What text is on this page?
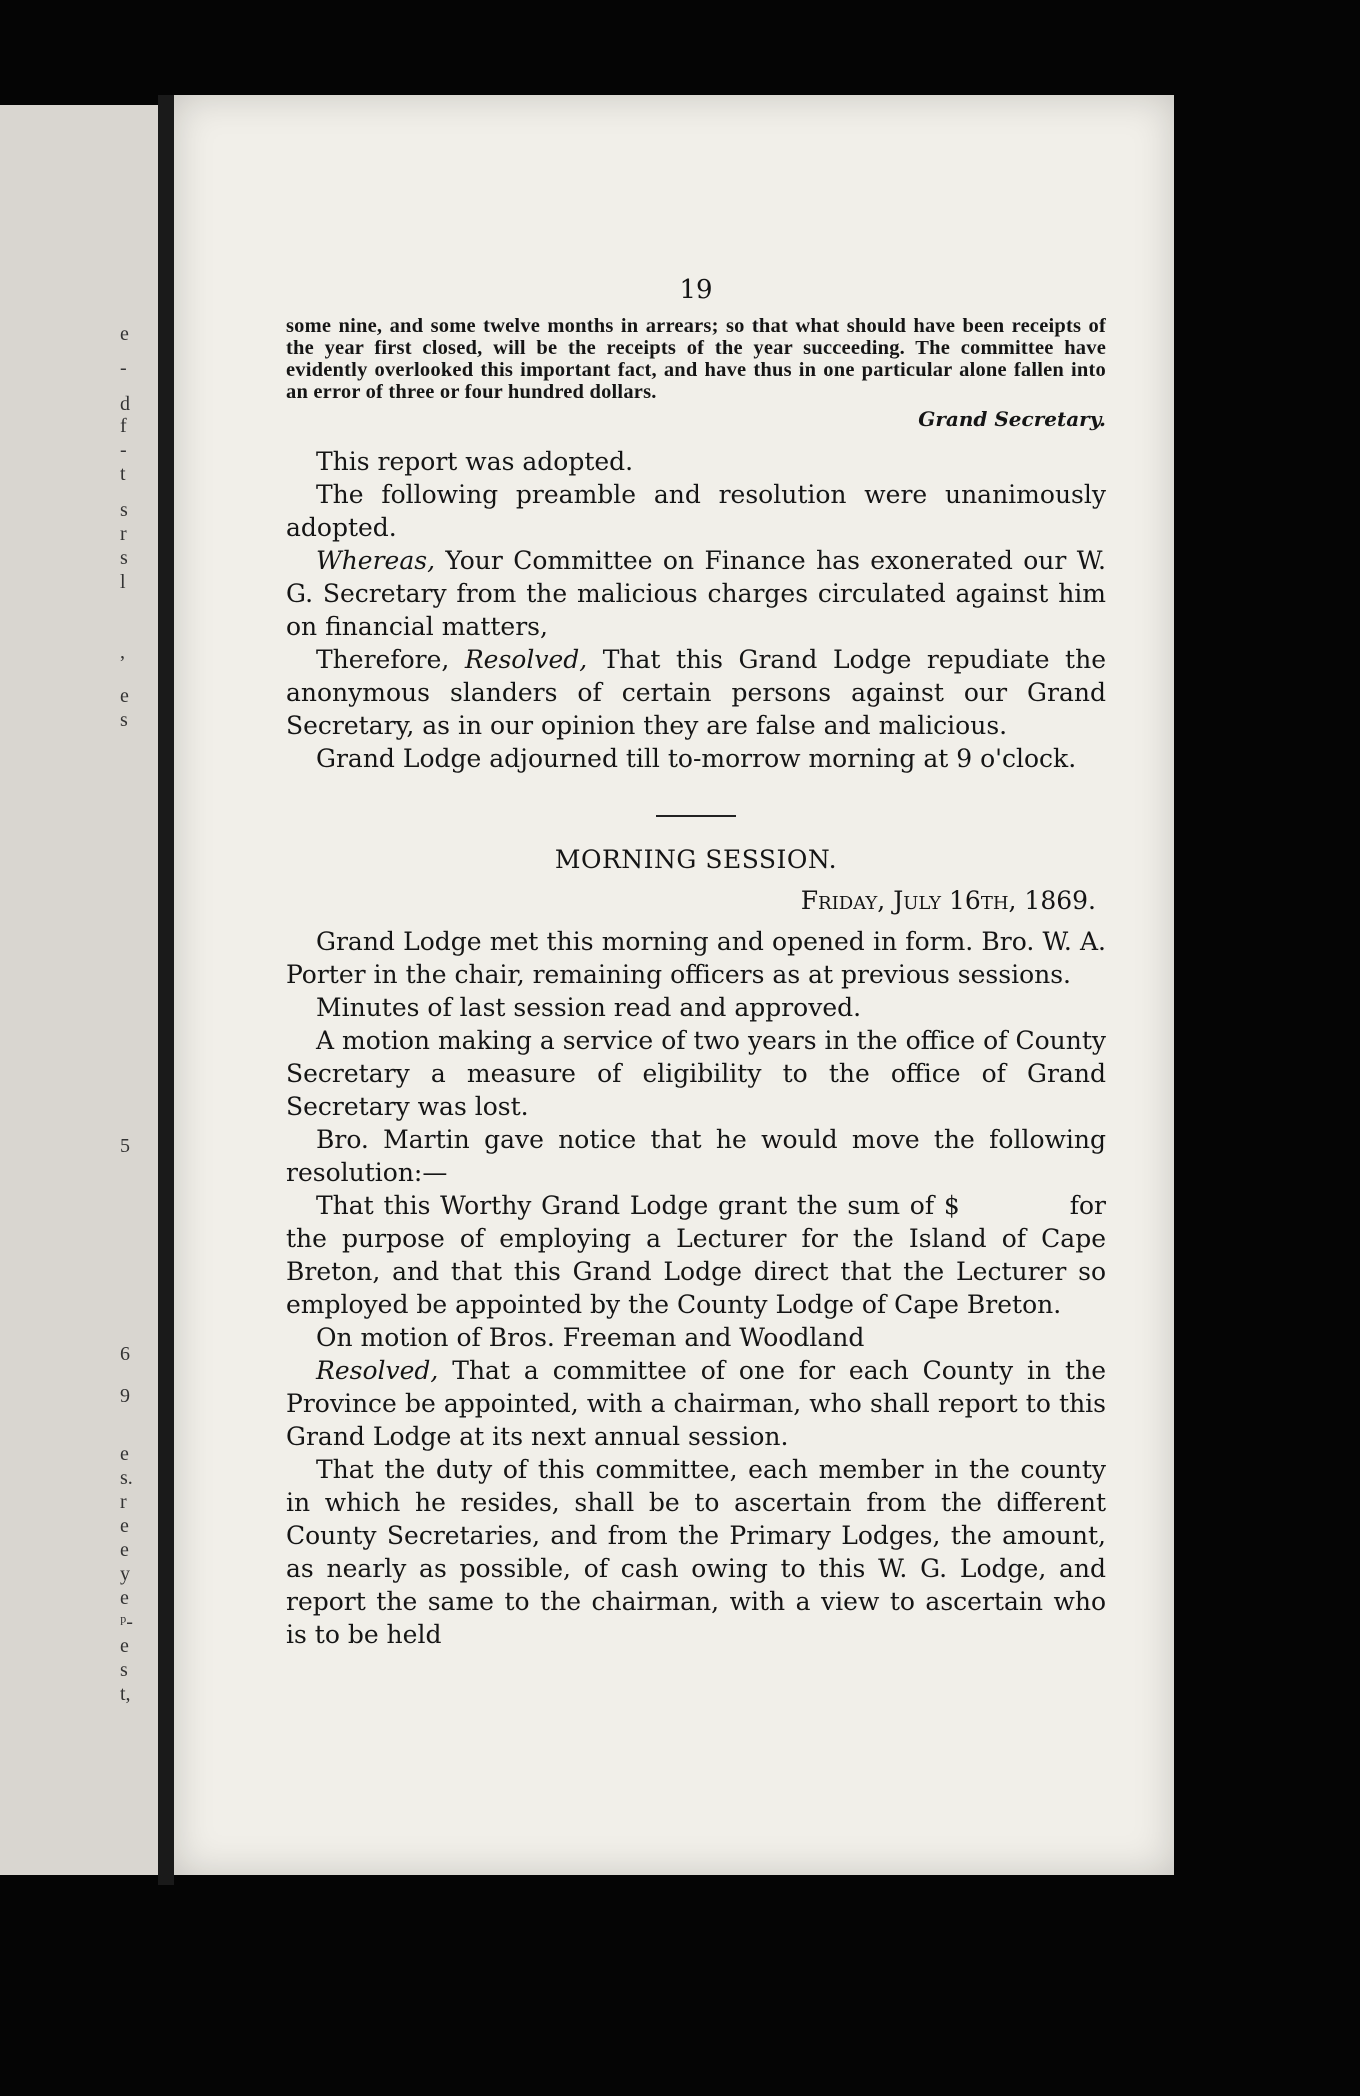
e
-
d
f
-
t
s
r
s
l
,
e
s
5
6
9
e
s.
r
e
e
y
e
ᵖ-
e
s
t,
19

some nine, and some twelve months in arrears; so that what should have been receipts of the year first closed, will be the receipts of the year succeeding. The committee have evidently overlooked this important fact, and have thus in one particular alone fallen into an error of three or four hundred dollars.

Grand Secretary.

This report was adopted.

The following preamble and resolution were unanimously adopted.

Whereas, Your Committee on Finance has exonerated our W. G. Secretary from the malicious charges circulated against him on financial matters,

Therefore, Resolved, That this Grand Lodge repudiate the anonymous slanders of certain persons against our Grand Secretary, as in our opinion they are false and malicious.

Grand Lodge adjourned till to-morrow morning at 9 o'clock.

MORNING SESSION.
Friday, July 16th, 1869.

Grand Lodge met this morning and opened in form. Bro. W. A. Porter in the chair, remaining officers as at previous sessions.

Minutes of last session read and approved.

A motion making a service of two years in the office of County Secretary a measure of eligibility to the office of Grand Secretary was lost.

Bro. Martin gave notice that he would move the following resolution:—

That this Worthy Grand Lodge grant the sum of $	for the purpose of employing a Lecturer for the Island of Cape Breton, and that this Grand Lodge direct that the Lecturer so employed be appointed by the County Lodge of Cape Breton.

On motion of Bros. Freeman and Woodland

Resolved, That a committee of one for each County in the Province be appointed, with a chairman, who shall report to this Grand Lodge at its next annual session.

That the duty of this committee, each member in the county in which he resides, shall be to ascertain from the different County Secretaries, and from the Primary Lodges, the amount, as nearly as possible, of cash owing to this W. G. Lodge, and report the same to the chairman, with a view to ascertain who is to be held
